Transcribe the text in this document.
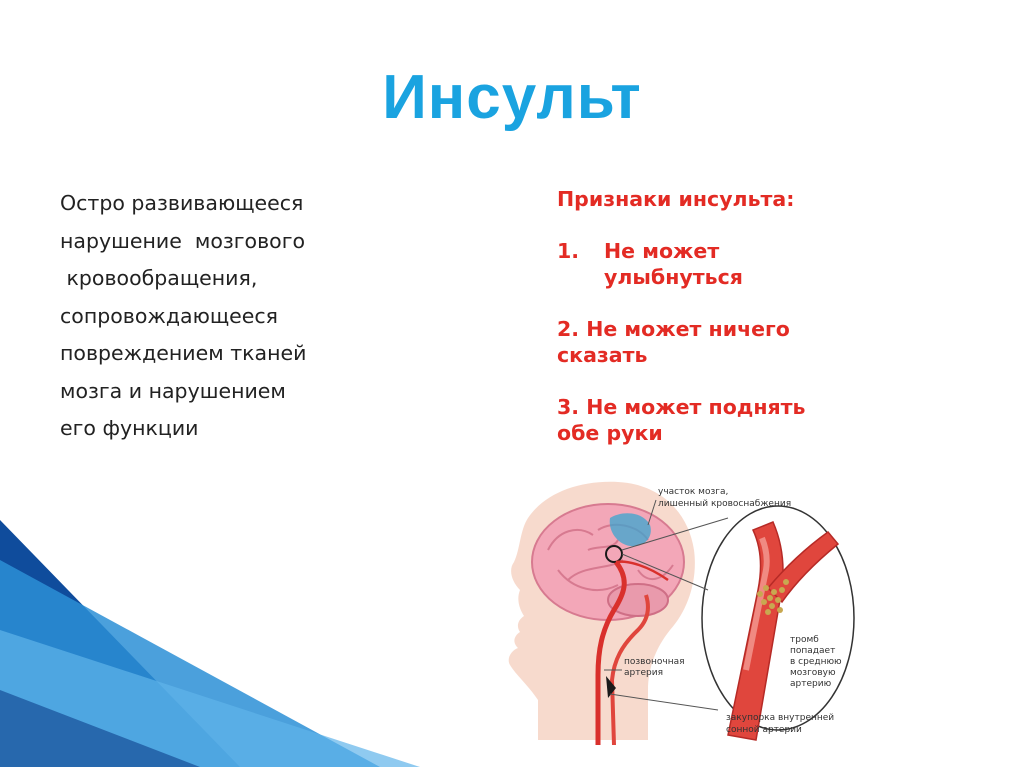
Инсульт
Остро развивающееся
нарушение  мозгового
кровообращения,
сопровождающееся
повреждением тканей
мозга и нарушением
его функции
Признаки инсульта:
1.	Не может
улыбнуться
2. Не может ничего
сказать
3. Не может поднять
обе руки
участок мозга,
лишенный кровоснабжения
тромб
попадает
в среднюю
мозговую
артерию
позвоночная
артерия
закупорка внутренней
сонной артерии
